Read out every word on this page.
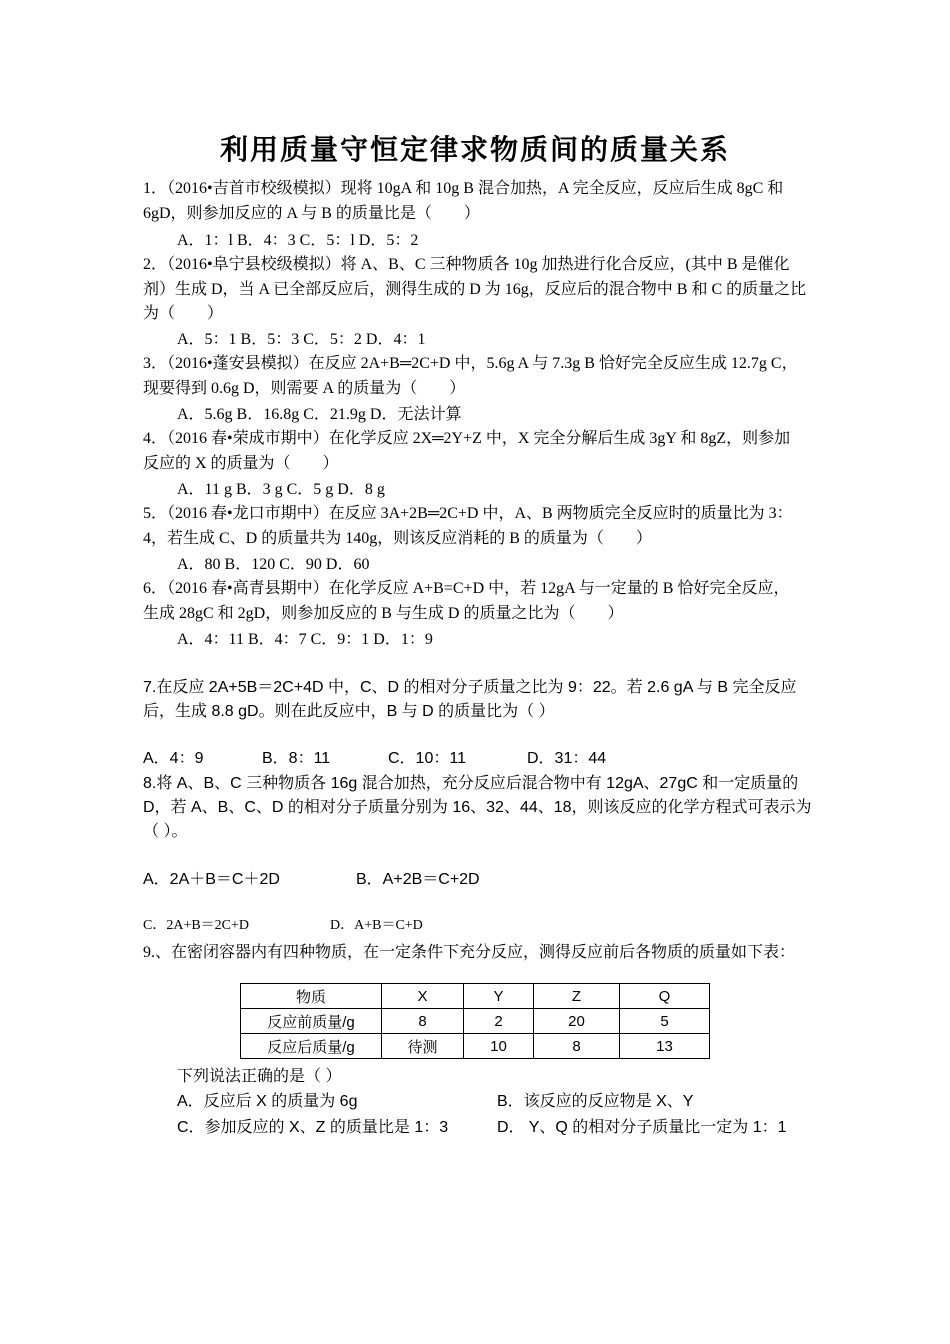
利用质量守恒定律求物质间的质量关系
1．（2016•吉首市校级模拟）现将 10gA 和 10g B 混合加热，A 完全反应，反应后生成 8gC 和
6gD，则参加反应的 A 与 B 的质量比是（　　）
A．1：l B．4：3 C．5：l D．5：2
2．（2016•阜宁县校级模拟）将 A、B、C 三种物质各 10g 加热进行化合反应，(其中 B 是催化
剂）生成 D，当 A 已全部反应后，测得生成的 D 为 16g，反应后的混合物中 B 和 C 的质量之比
为（　　）
A．5：1 B．5：3 C．5：2 D．4：1
3．（2016•蓬安县模拟）在反应 2A+B═2C+D 中，5.6g A 与 7.3g B 恰好完全反应生成 12.7g C，
现要得到 0.6g D，则需要 A 的质量为（　　）
A．5.6g B．16.8g C．21.9g D．无法计算
4．（2016 春•荣成市期中）在化学反应 2X═2Y+Z 中，X 完全分解后生成 3gY 和 8gZ，则参加
反应的 X 的质量为（　　）
A．11 g B．3 g C．5 g D．8 g
5．（2016 春•龙口市期中）在反应 3A+2B═2C+D 中，A、B 两物质完全反应时的质量比为 3：
4，若生成 C、D 的质量共为 140g，则该反应消耗的 B 的质量为（　　）
A．80 B．120 C．90 D．60
6．（2016 春•高青县期中）在化学反应 A+B=C+D 中，若 12gA 与一定量的 B 恰好完全反应，
生成 28gC 和 2gD，则参加反应的 B 与生成 D 的质量之比为（　　）
A．4：11 B．4：7 C．9：1 D．1：9
7.在反应 2A+5B＝2C+4D 中，C、D 的相对分子质量之比为 9：22。若 2.6 gA 与 B 完全反应
后，生成 8.8 gD。则在此反应中，B 与 D 的质量比为（ ）
A．4：9	B．8：11	C．10：11	D．31：44
8.将 A、B、C 三种物质各 16g 混合加热，充分反应后混合物中有 12gA、27gC 和一定质量的
D，若 A、B、C、D 的相对分子质量分别为 16、32、44、18，则该反应的化学方程式可表示为
（ ）。
A．2A＋B＝C＋2D	B．A+2B＝C+2D
C．2A+B＝2C+D	D．A+B＝C+D
9.、在密闭容器内有四种物质，在一定条件下充分反应，测得反应前后各物质的质量如下表：
物质	X	Y	Z	Q
反应前质量/g	8	2	20	5
反应后质量/g	待测	10	8	13
下列说法正确的是（ ）
A．反应后 X 的质量为 6g	B．该反应的反应物是 X、Y
C．参加反应的 X、Z 的质量比是 1：3	D． Y、Q 的相对分子质量比一定为 1：1
